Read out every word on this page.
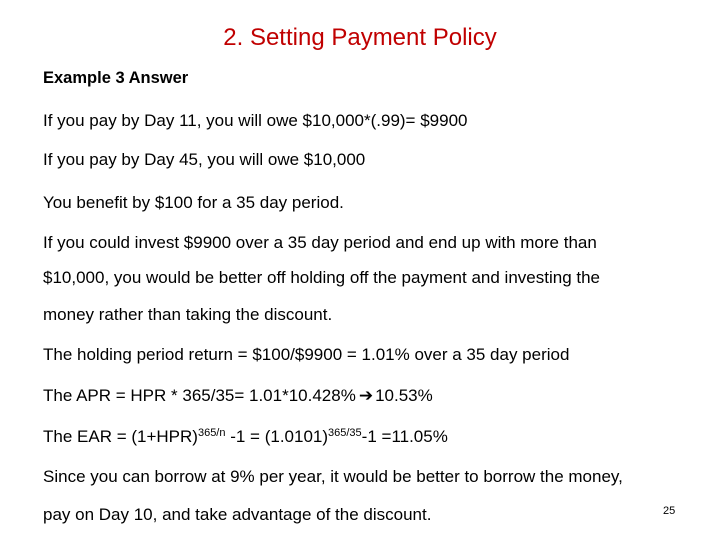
2. Setting Payment Policy
Example 3 Answer
If you pay by Day 11, you will owe $10,000*(.99)= $9900
If you pay by Day 45, you will owe $10,000
You benefit by $100 for a 35 day period.
If you could invest $9900 over a 35 day period and end up with more than
$10,000, you would be better off holding off the payment and investing the
money rather than taking the discount.
The holding period return = $100/$9900 = 1.01% over a 35 day period
The APR = HPR * 365/35= 1.01*10.428% ➔ 10.53%
The EAR = $(1+HPR)^{365/n}$ $-1 = (1.0101)^{365/35}-1 =11.05\%$
Since you can borrow at 9% per year, it would be better to borrow the money,
pay on Day 10, and take advantage of the discount.	25
